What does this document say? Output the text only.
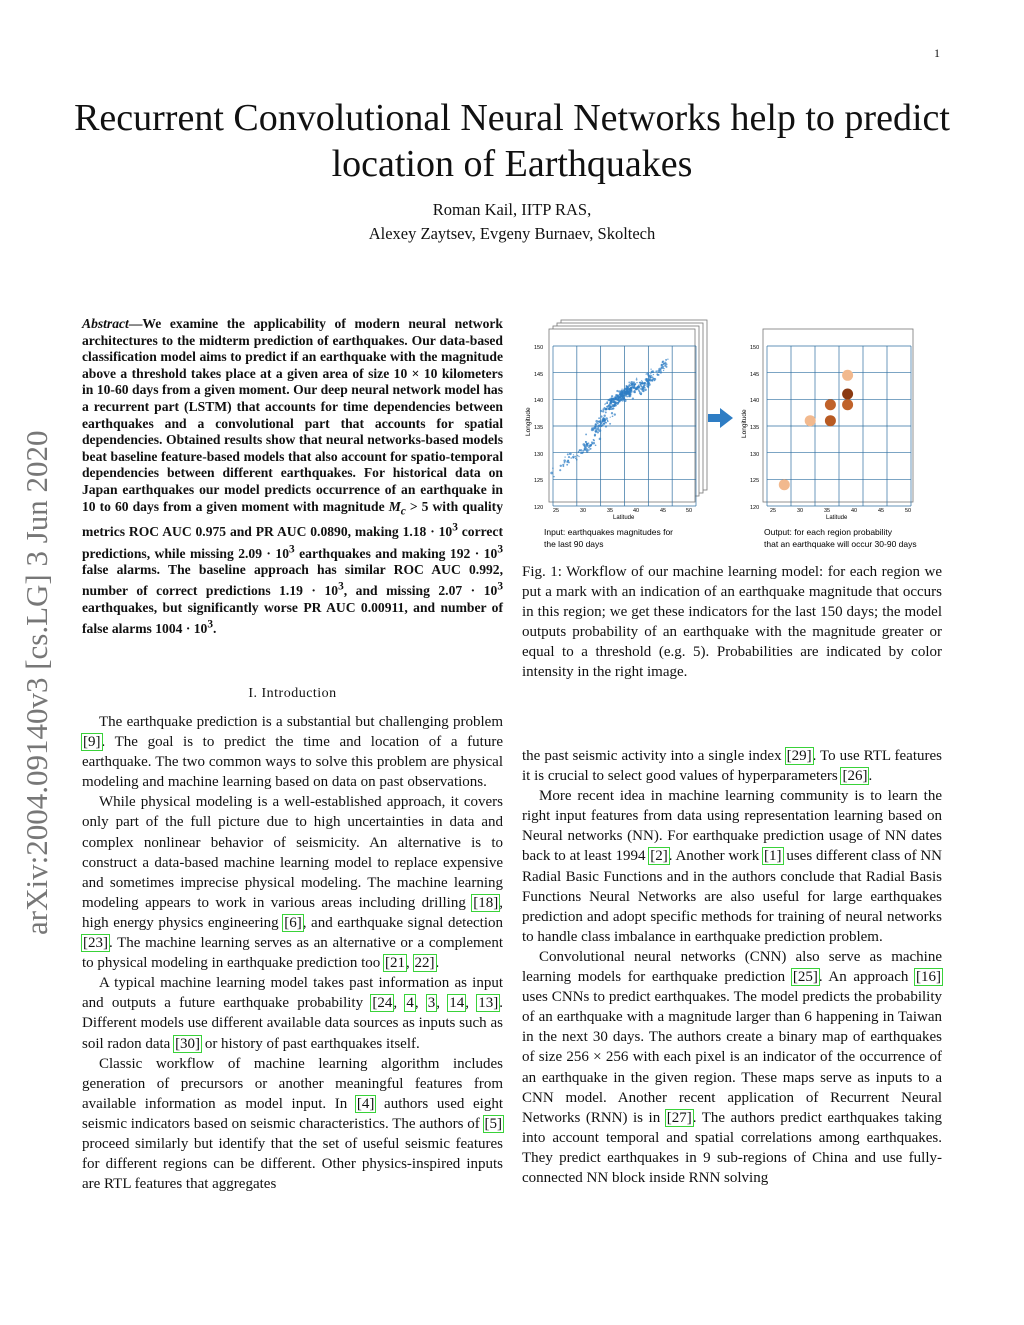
1
Recurrent Convolutional Neural Networks help to predict location of Earthquakes
Roman Kail, IITP RAS,
Alexey Zaytsev, Evgeny Burnaev, Skoltech
arXiv:2004.09140v3 [cs.LG] 3 Jun 2020

Abstract—We examine the applicability of modern neural network architectures to the midterm prediction of earthquakes. Our data-based classification model aims to predict if an earthquake with the magnitude above a threshold takes place at a given area of size 10 × 10 kilometers in 10-60 days from a given moment. Our deep neural network model has a recurrent part (LSTM) that accounts for time dependencies between earthquakes and a convolutional part that accounts for spatial dependencies. Obtained results show that neural networks-based models beat baseline feature-based models that also account for spatio-temporal dependencies between different earthquakes. For historical data on Japan earthquakes our model predicts occurrence of an earthquake in 10 to 60 days from a given moment with magnitude $M_c > 5$ with quality metrics ROC AUC 0.975 and PR AUC 0.0890, making $1.18 \cdot 10^3$ correct predictions, while missing $2.09 \cdot 10^3$ earthquakes and making $192 \cdot 10^3$ false alarms. The baseline approach has similar ROC AUC 0.992, number of correct predictions $1.19 \cdot 10^3$, and missing $2.07 \cdot 10^3$ earthquakes, but significantly worse PR AUC 0.00911, and number of false alarms $1004 \cdot 10^3$.

I. Introduction

The earthquake prediction is a substantial but challenging problem [9]. The goal is to predict the time and location of a future earthquake. The two common ways to solve this problem are physical modeling and machine learning based on data on past observations.

While physical modeling is a well-established approach, it covers only part of the full picture due to high uncertainties in data and complex nonlinear behavior of seismicity. An alternative is to construct a data-based machine learning model to replace expensive and sometimes imprecise physical modeling. The machine learning modeling appears to work in various areas including drilling [18], high energy physics engineering [6], and earthquake signal detection [23]. The machine learning serves as an alternative or a complement to physical modeling in earthquake prediction too [21, 22].

A typical machine learning model takes past information as input and outputs a future earthquake probability [24, 4, 3, 14, 13]. Different models use different available data sources as inputs such as soil radon data [30] or history of past earthquakes itself.

Classic workflow of machine learning algorithm includes generation of precursors or another meaningful features from available information as model input. In [4] authors used eight seismic indicators based on seismic characteristics. The authors of [5] proceed similarly but identify that the set of useful seismic features for different regions can be different. Other physics-inspired inputs are RTL features that aggregates

150
145
140
135
130
125
120 25	30	35	40	45	50
Latitude
Longitude
Input: earthquakes magnitudes for
the last 90 days
150
145
140
135
130
125
120 25	30	35	40	45	50
Latitude
Longitude
Output: for each region probability
that an earthquake will occur 30-90 days

Fig. 1: Workflow of our machine learning model: for each region we put a mark with an indication of an earthquake magnitude that occurs in this region; we get these indicators for the last 150 days; the model outputs probability of an earthquake with the magnitude greater or equal to a threshold (e.g. 5). Probabilities are indicated by color intensity in the right image.

the past seismic activity into a single index [29]. To use RTL features it is crucial to select good values of hyperparameters [26].

More recent idea in machine learning community is to learn the right input features from data using representation learning based on Neural networks (NN). For earthquake prediction usage of NN dates back to at least 1994 [2]. Another work [1] uses different class of NN Radial Basic Functions and in the authors conclude that Radial Basis Functions Neural Networks are also useful for large earthquakes prediction and adopt specific methods for training of neural networks to handle class imbalance in earthquake prediction problem.

Convolutional neural networks (CNN) also serve as machine learning models for earthquake prediction [25]. An approach [16] uses CNNs to predict earthquakes. The model predicts the probability of an earthquake with a magnitude larger than 6 happening in Taiwan in the next 30 days. The authors create a binary map of earthquakes of size 256 × 256 with each pixel is an indicator of the occurrence of an earthquake in the given region. These maps serve as inputs to a CNN model. Another recent application of Recurrent Neural Networks (RNN) is in [27]. The authors predict earthquakes taking into account temporal and spatial correlations among earthquakes. They predict earthquakes in 9 sub-regions of China and use fully-connected NN block inside RNN solving
